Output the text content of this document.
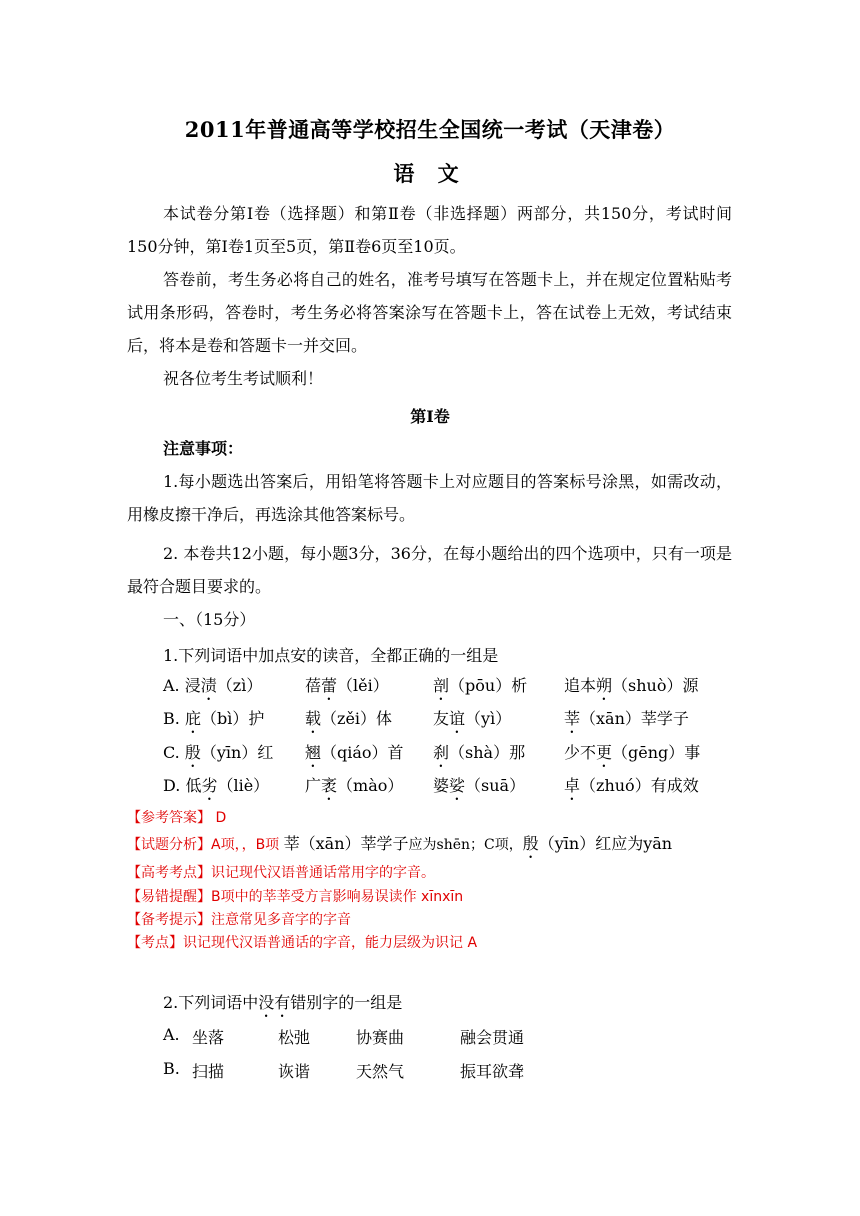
2011年普通高等学校招生全国统一考试（天津卷）
语 文
本试卷分第Ⅰ卷（选择题）和第Ⅱ卷（非选择题）两部分，共150分，考试时间150分钟，第Ⅰ卷1页至5页，第Ⅱ卷6页至10页。
答卷前，考生务必将自己的姓名，准考号填写在答题卡上，并在规定位置粘贴考试用条形码，答卷时，考生务必将答案涂写在答题卡上，答在试卷上无效，考试结束后，将本是卷和答题卡一并交回。
祝各位考生考试顺利！
第Ⅰ卷
注意事项：
1.每小题选出答案后，用铅笔将答题卡上对应题目的答案标号涂黑，如需改动，用橡皮擦干净后，再选涂其他答案标号。
2. 本卷共12小题，每小题3分，36分，在每小题给出的四个选项中，只有一项是最符合题目要求的。
一、（15分）
1.下列词语中加点安的读音，全都正确的一组是
A. 浸渍（zì）	蓓蕾（lěi）	剖（pōu）析 追本朔（shuò）源
B. 庇（bì）护	载（zěi）体	友谊（yì）	莘（xān）莘学子
C. 殷（yīn）红 翘（qiáo）首 刹（shà）那 少不更（gēng）事
D. 低劣（liè） 广袤（mào） 婆娑（suā） 卓（zhuó）有成效
【参考答案】 D
【试题分析】A项，，B项 莘（xān）莘学子应为shēn；C项，殷（yīn）红应为yān
【高考考点】识记现代汉语普通话常用字的字音。
【易错提醒】B项中的莘莘受方言影响易误读作 xīnxīn
【备考提示】注意常见多音字的字音
【考点】识记现代汉语普通话的字音，能力层级为识记 A
2.下列词语中没有错别字的一组是
A. 坐落	松弛	协赛曲	融会贯通
B. 扫描	诙谐	天然气	振耳欲聋
